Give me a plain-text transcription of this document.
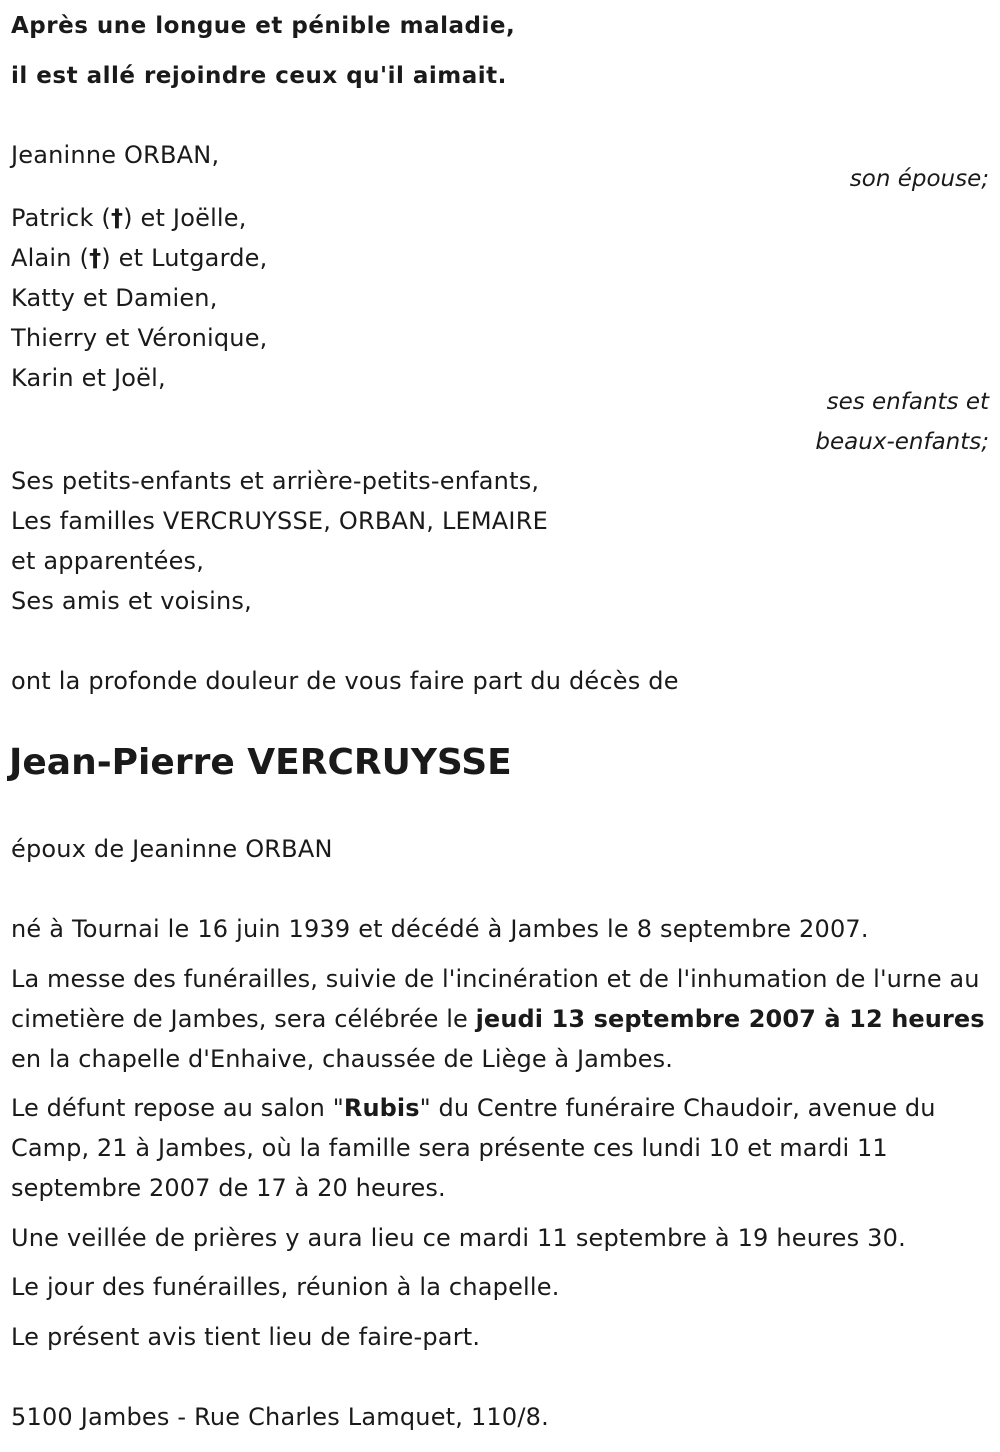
Après une longue et pénible maladie,
il est allé rejoindre ceux qu'il aimait.
Jeaninne ORBAN,
son épouse;
Patrick (†) et Joëlle,
Alain (†) et Lutgarde,
Katty et Damien,
Thierry et Véronique,
Karin et Joël,
ses enfants et
beaux-enfants;
Ses petits-enfants et arrière-petits-enfants,
Les familles VERCRUYSSE, ORBAN, LEMAIRE
et apparentées,
Ses amis et voisins,
ont la profonde douleur de vous faire part du décès de
Jean-Pierre VERCRUYSSE
époux de Jeaninne ORBAN
né à Tournai le 16 juin 1939 et décédé à Jambes le 8 septembre 2007.
La messe des funérailles, suivie de l'incinération et de l'inhumation de l'urne au cimetière de Jambes, sera célébrée le jeudi 13 septembre 2007 à 12 heures en la chapelle d'Enhaive, chaussée de Liège à Jambes.
Le défunt repose au salon "Rubis" du Centre funéraire Chaudoir, avenue du Camp, 21 à Jambes, où la famille sera présente ces lundi 10 et mardi 11 septembre 2007 de 17 à 20 heures.
Une veillée de prières y aura lieu ce mardi 11 septembre à 19 heures 30.
Le jour des funérailles, réunion à la chapelle.
Le présent avis tient lieu de faire-part.
5100 Jambes - Rue Charles Lamquet, 110/8.
